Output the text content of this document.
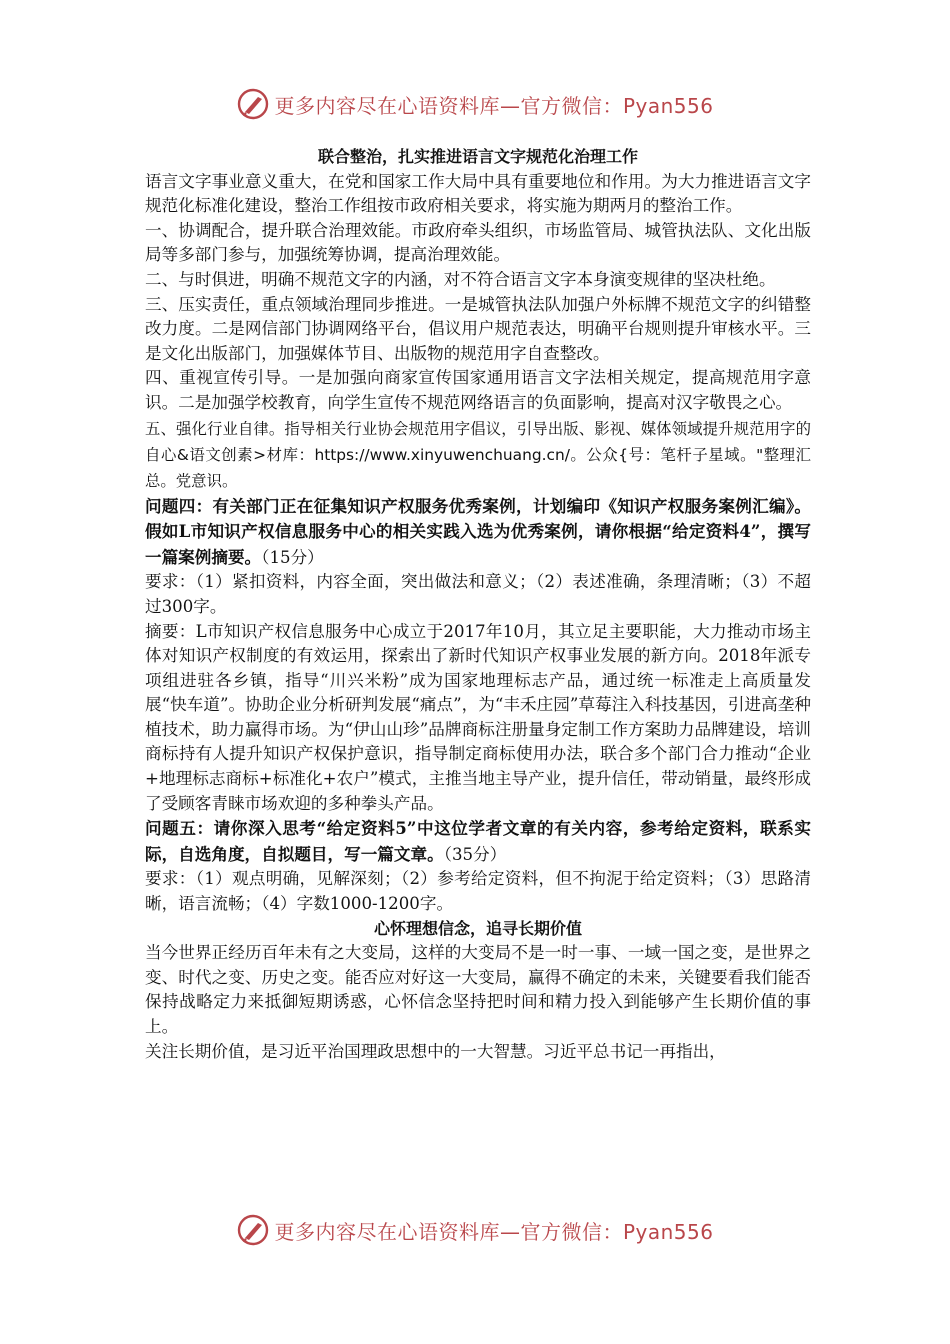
更多内容尽在心语资料库—官方微信：Pyan556

联合整治，扎实推进语言文字规范化治理工作

语言文字事业意义重大，在党和国家工作大局中具有重要地位和作用。为大力推进语言文字规范化标准化建设，整治工作组按市政府相关要求，将实施为期两月的整治工作。

一、协调配合，提升联合治理效能。市政府牵头组织，市场监管局、城管执法队、文化出版局等多部门参与，加强统筹协调，提高治理效能。

二、与时俱进，明确不规范文字的内涵，对不符合语言文字本身演变规律的坚决杜绝。

三、压实责任，重点领域治理同步推进。一是城管执法队加强户外标牌不规范文字的纠错整改力度。二是网信部门协调网络平台，倡议用户规范表达，明确平台规则提升审核水平。三是文化出版部门，加强媒体节目、出版物的规范用字自查整改。

四、重视宣传引导。一是加强向商家宣传国家通用语言文字法相关规定，提高规范用字意识。二是加强学校教育，向学生宣传不规范网络语言的负面影响，提高对汉字敬畏之心。

五、强化行业自律。指导相关行业协会规范用字倡议，引导出版、影视、媒体领域提升规范用字的自心&语文创素>材库：https://www.xinyuwenchuang.cn/。公众{号：笔杆子星域。"整理汇总。党意识。

问题四：有关部门正在征集知识产权服务优秀案例，计划编印《知识产权服务案例汇编》。假如L市知识产权信息服务中心的相关实践入选为优秀案例，请你根据“给定资料4”，撰写一篇案例摘要。（15分）

要求：（1）紧扣资料，内容全面，突出做法和意义；（2）表述准确，条理清晰；（3）不超过300字。

摘要：L市知识产权信息服务中心成立于2017年10月，其立足主要职能，大力推动市场主体对知识产权制度的有效运用，探索出了新时代知识产权事业发展的新方向。2018年派专项组进驻各乡镇，指导“川兴米粉”成为国家地理标志产品，通过统一标准走上高质量发展“快车道”。协助企业分析研判发展“痛点”，为“丰禾庄园”草莓注入科技基因，引进高垄种植技术，助力赢得市场。为“伊山山珍”品牌商标注册量身定制工作方案助力品牌建设，培训商标持有人提升知识产权保护意识，指导制定商标使用办法，联合多个部门合力推动“企业+地理标志商标+标准化+农户”模式，主推当地主导产业，提升信任，带动销量，最终形成了受顾客青睐市场欢迎的多种拳头产品。

问题五：请你深入思考“给定资料5”中这位学者文章的有关内容，参考给定资料，联系实际，自选角度，自拟题目，写一篇文章。（35分）

要求：（1）观点明确，见解深刻；（2）参考给定资料，但不拘泥于给定资料；（3）思路清晰，语言流畅；（4）字数1000-1200字。

心怀理想信念，追寻长期价值

当今世界正经历百年未有之大变局，这样的大变局不是一时一事、一域一国之变，是世界之变、时代之变、历史之变。能否应对好这一大变局，赢得不确定的未来，关键要看我们能否保持战略定力来抵御短期诱惑，心怀信念坚持把时间和精力投入到能够产生长期价值的事上。

关注长期价值，是习近平治国理政思想中的一大智慧。习近平总书记一再指出，

更多内容尽在心语资料库—官方微信：Pyan556
